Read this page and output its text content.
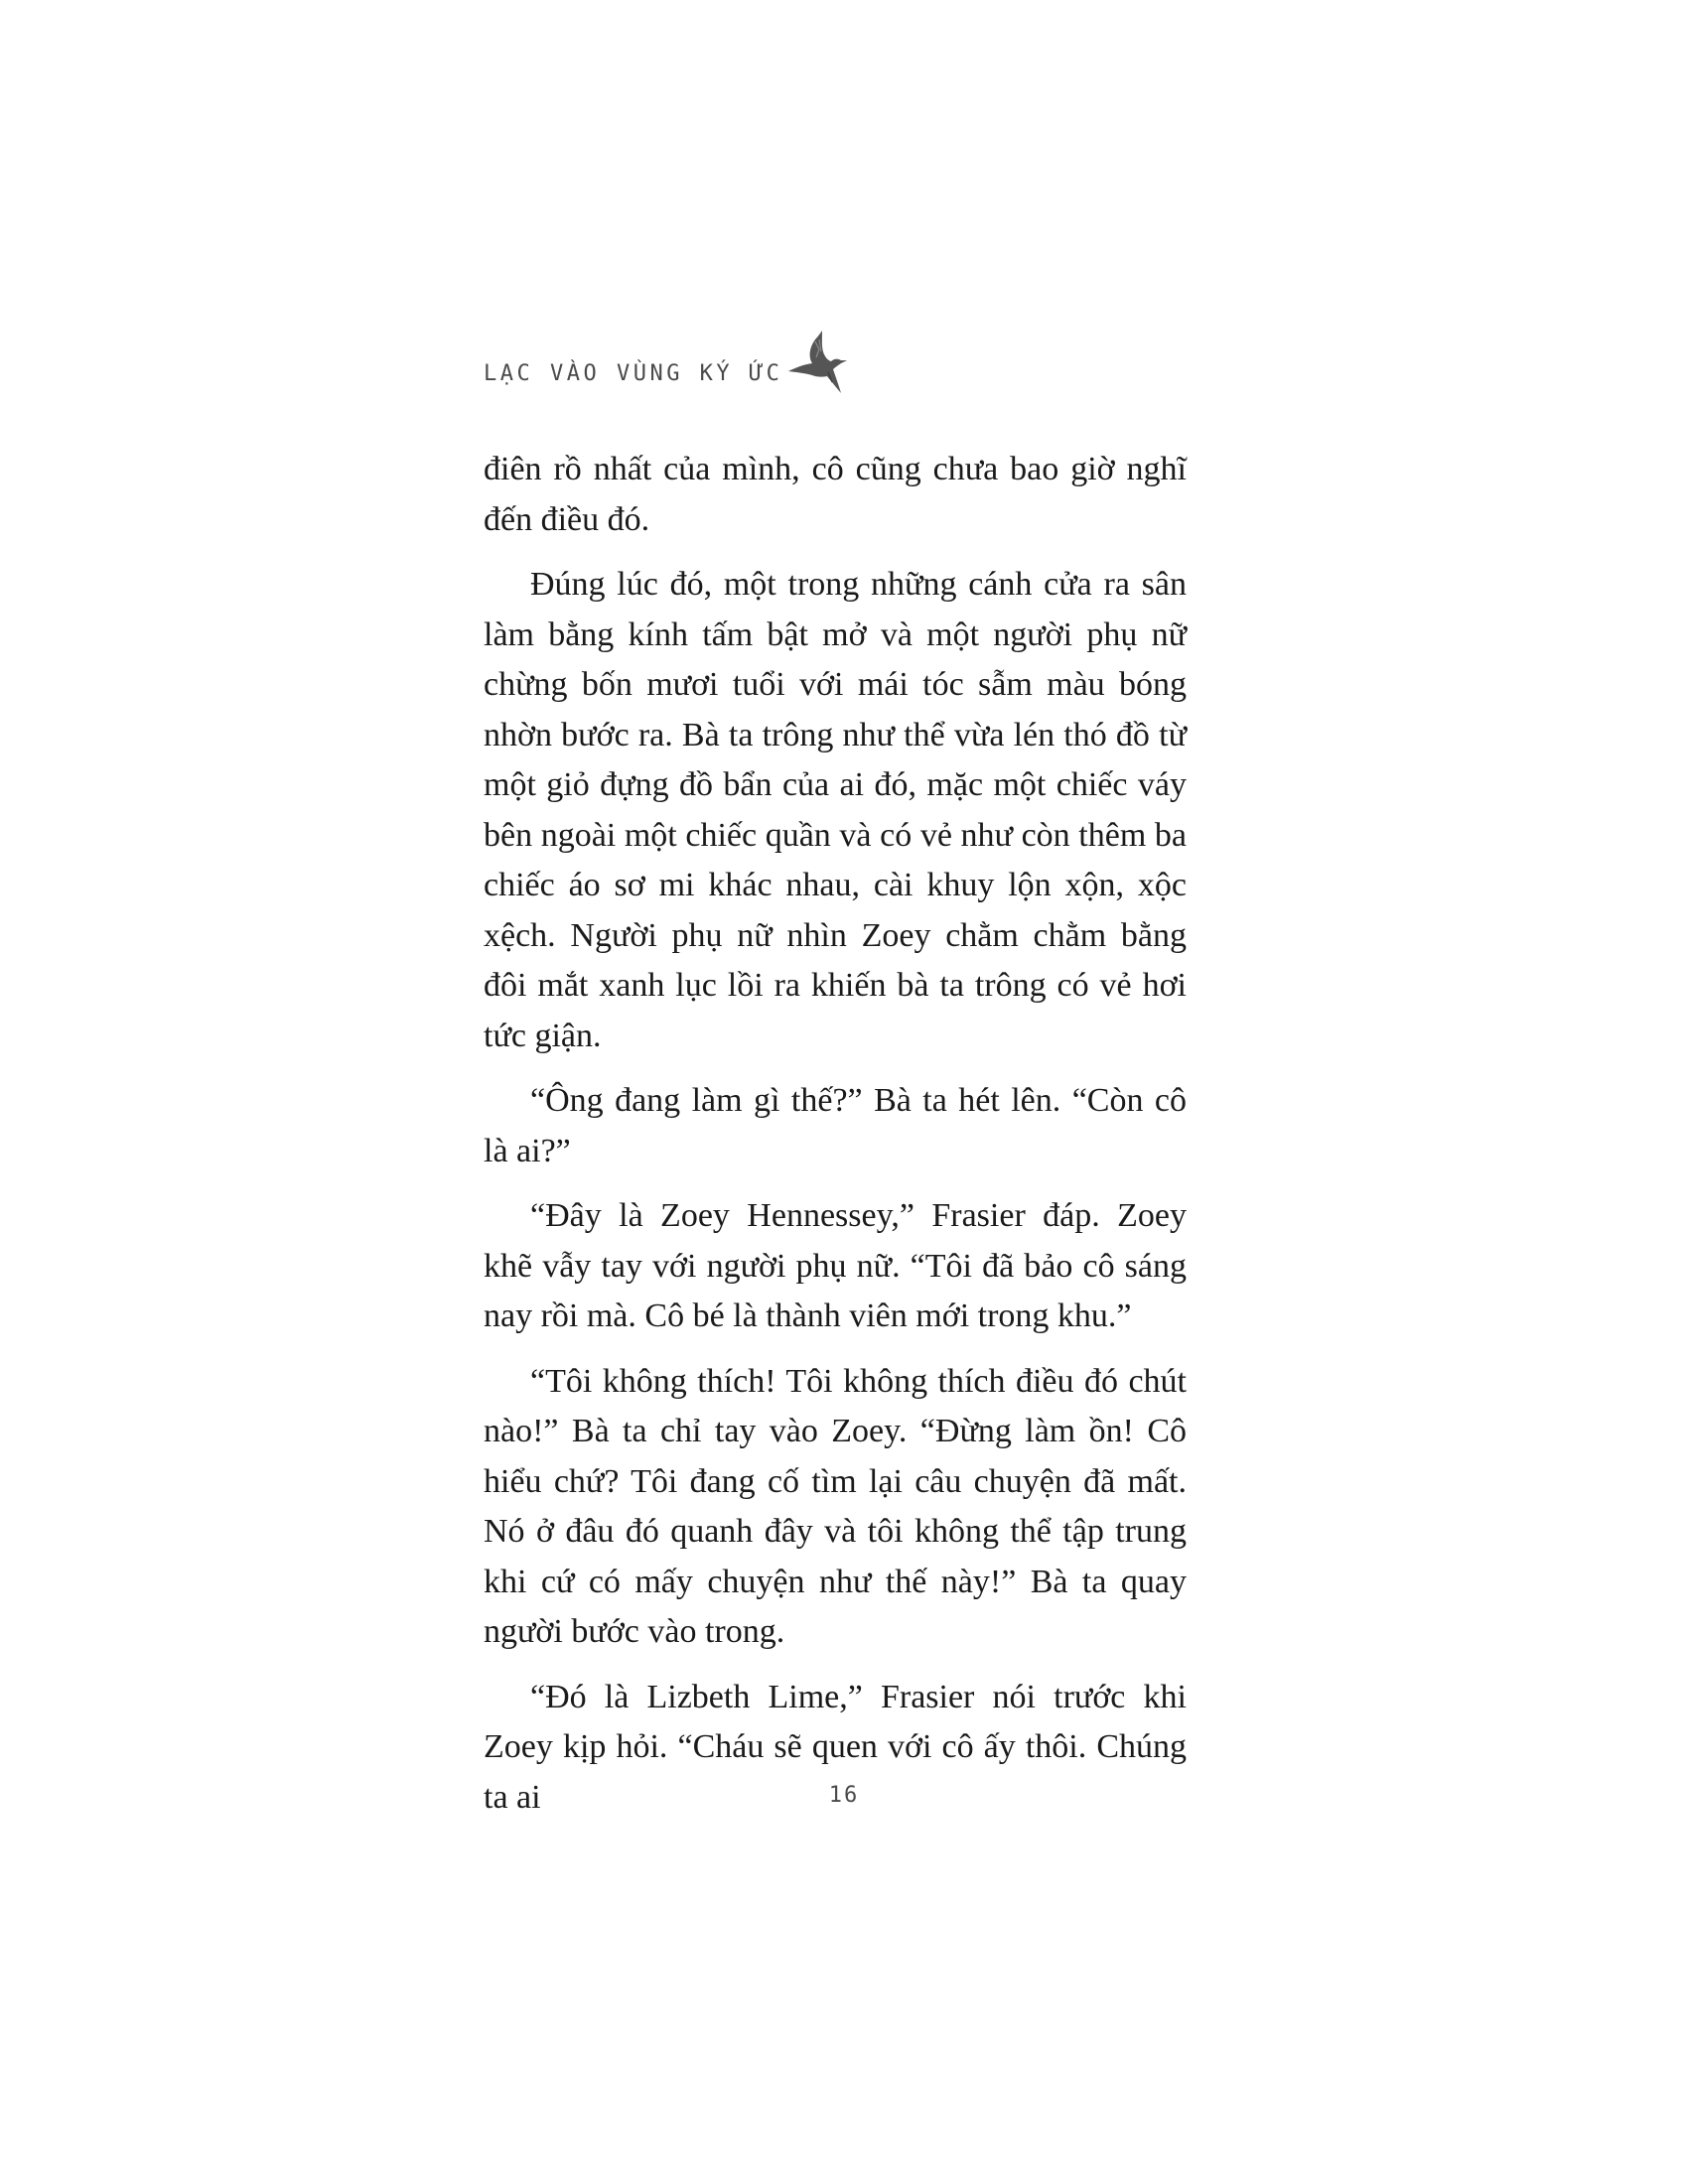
LẠC VÀO VÙNG KÝ ỨC

điên rồ nhất của mình, cô cũng chưa bao giờ nghĩ đến điều đó.

Đúng lúc đó, một trong những cánh cửa ra sân làm bằng kính tấm bật mở và một người phụ nữ chừng bốn mươi tuổi với mái tóc sẫm màu bóng nhờn bước ra. Bà ta trông như thể vừa lén thó đồ từ một giỏ đựng đồ bẩn của ai đó, mặc một chiếc váy bên ngoài một chiếc quần và có vẻ như còn thêm ba chiếc áo sơ mi khác nhau, cài khuy lộn xộn, xộc xệch. Người phụ nữ nhìn Zoey chằm chằm bằng đôi mắt xanh lục lồi ra khiến bà ta trông có vẻ hơi tức giận.

“Ông đang làm gì thế?” Bà ta hét lên. “Còn cô là ai?”

“Đây là Zoey Hennessey,” Frasier đáp. Zoey khẽ vẫy tay với người phụ nữ. “Tôi đã bảo cô sáng nay rồi mà. Cô bé là thành viên mới trong khu.”

“Tôi không thích! Tôi không thích điều đó chút nào!” Bà ta chỉ tay vào Zoey. “Đừng làm ồn! Cô hiểu chứ? Tôi đang cố tìm lại câu chuyện đã mất. Nó ở đâu đó quanh đây và tôi không thể tập trung khi cứ có mấy chuyện như thế này!” Bà ta quay người bước vào trong.

“Đó là Lizbeth Lime,” Frasier nói trước khi Zoey kịp hỏi. “Cháu sẽ quen với cô ấy thôi. Chúng ta ai	16
